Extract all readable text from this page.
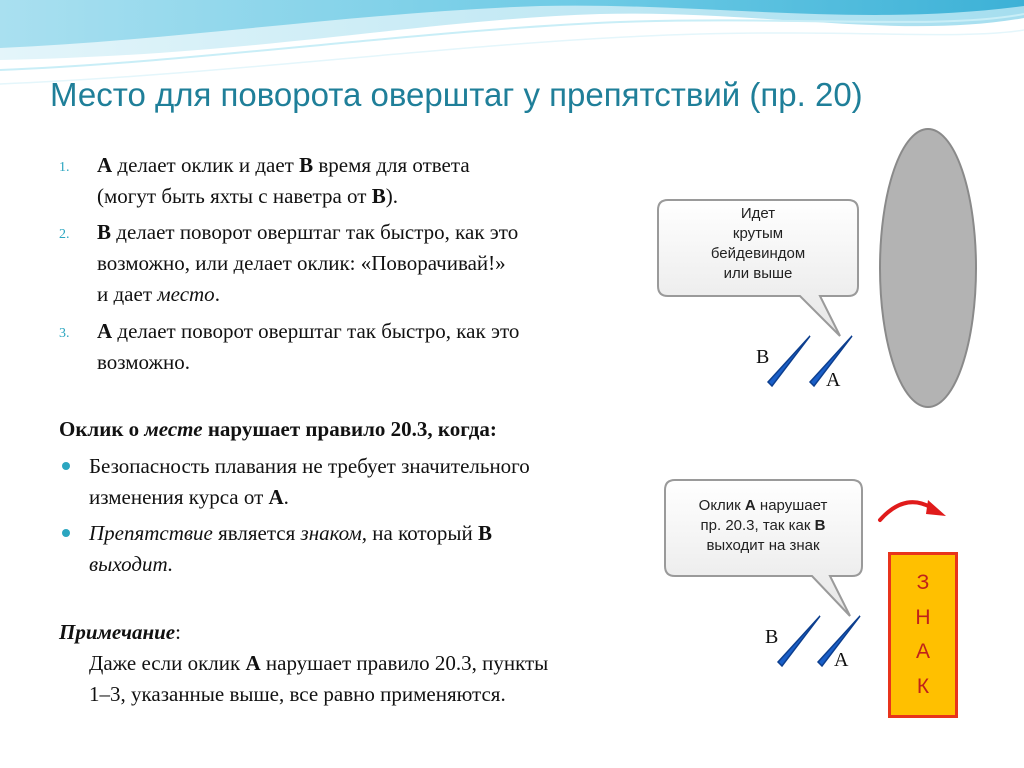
Место для поворота оверштаг у препятствий (пр. 20)
1. А делает оклик и дает В время для ответа
(могут быть яхты с наветра от В).
2. В делает поворот оверштаг так быстро, как это
возможно, или делает оклик: «Поворачивай!»
и дает место.
3. А делает поворот оверштаг так быстро, как это
возможно.
Оклик о месте нарушает правило 20.3, когда:
Безопасность плавания не требует значительного
изменения курса от А.
Препятствие является знаком, на который В
выходит.
Примечание:
Даже если оклик А нарушает правило 20.3, пункты
1–3, указанные выше, все равно применяются.
Идет
крутым
бейдевиндом
или выше
Оклик А нарушает
пр. 20.3, так как В
выходит на знак
В
А
В
А
З
Н
А
К
